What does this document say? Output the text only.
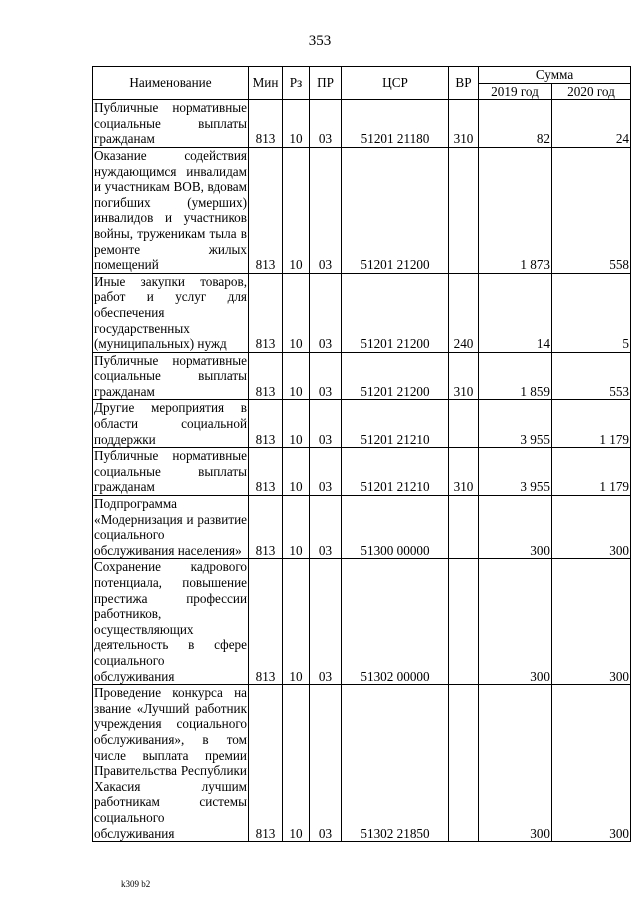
353
Наименование	Мин	Рз	ПР	ЦСР	ВР	Сумма	
						2019 год	2020 год
Публичные нормативные социальные выплаты гражданам	813	10	03	51201 21180	310	82	24
Оказание содействия нуждающимся инвалидам и участникам ВОВ, вдовам погибших (умерших) инвалидов и участников войны, труженикам тыла в ремонте жилых помещений	813	10	03	51201 21200		1 873	558
Иные закупки товаров, работ и услуг для обеспечения государственных (муниципальных) нужд	813	10	03	51201 21200	240	14	5
Публичные нормативные социальные выплаты гражданам	813	10	03	51201 21200	310	1 859	553
Другие мероприятия в области социальной поддержки	813	10	03	51201 21210		3 955	1 179
Публичные нормативные социальные выплаты гражданам	813	10	03	51201 21210	310	3 955	1 179
Подпрограмма «Модернизация и развитие социального обслуживания населения»	813	10	03	51300 00000		300	300
Сохранение кадрового потенциала, повышение престижа профессии работников, осуществляющих деятельность в сфере социального обслуживания	813	10	03	51302 00000		300	300
Проведение конкурса на звание «Лучший работник учреждения социального обслуживания», в том числе выплата премии Правительства Республики Хакасия лучшим работникам системы социального обслуживания	813	10	03	51302 21850		300	300
k309 b2
